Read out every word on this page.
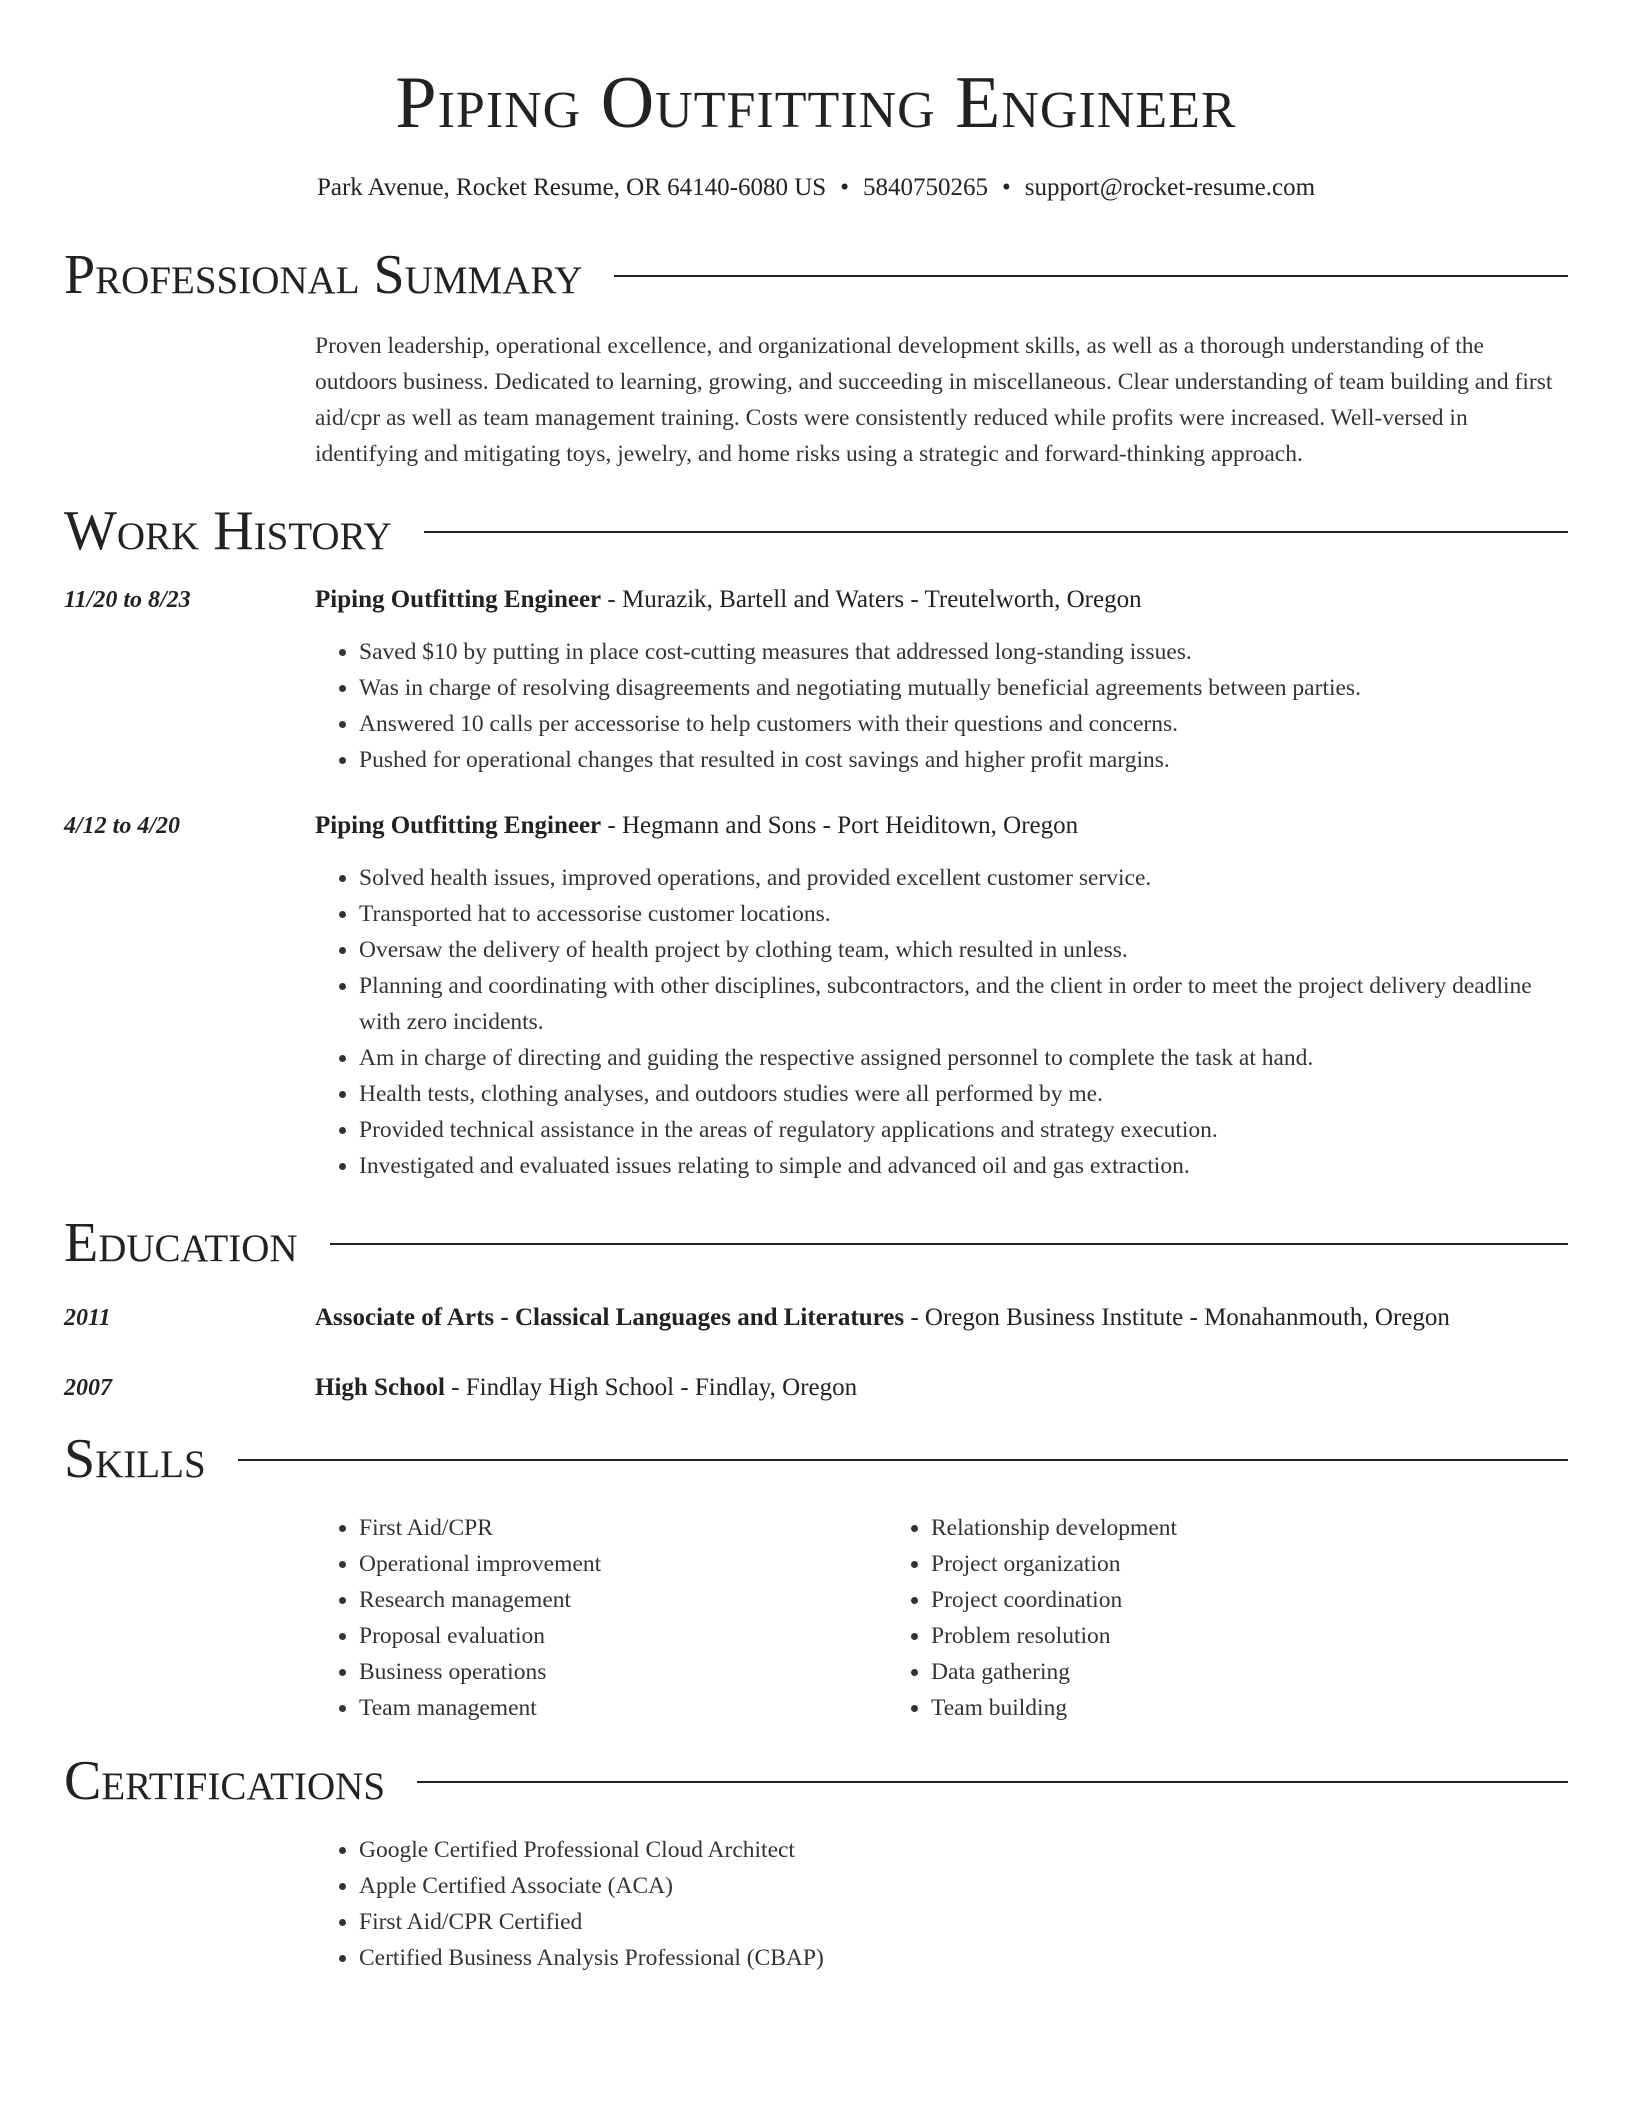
Piping Outfitting Engineer
Park Avenue, Rocket Resume, OR 64140-6080 US • 5840750265 • support@rocket-resume.com
Professional Summary
Proven leadership, operational excellence, and organizational development skills, as well as a thorough understanding of the outdoors business. Dedicated to learning, growing, and succeeding in miscellaneous. Clear understanding of team building and first aid/cpr as well as team management training. Costs were consistently reduced while profits were increased. Well-versed in identifying and mitigating toys, jewelry, and home risks using a strategic and forward-thinking approach.
Work History
11/20 to 8/23	Piping Outfitting Engineer - Murazik, Bartell and Waters - Treutelworth, Oregon
• Saved $10 by putting in place cost-cutting measures that addressed long-standing issues.
• Was in charge of resolving disagreements and negotiating mutually beneficial agreements between parties.
• Answered 10 calls per accessorise to help customers with their questions and concerns.
• Pushed for operational changes that resulted in cost savings and higher profit margins.
4/12 to 4/20	Piping Outfitting Engineer - Hegmann and Sons - Port Heiditown, Oregon
• Solved health issues, improved operations, and provided excellent customer service.
• Transported hat to accessorise customer locations.
• Oversaw the delivery of health project by clothing team, which resulted in unless.
• Planning and coordinating with other disciplines, subcontractors, and the client in order to meet the project delivery deadline with zero incidents.
• Am in charge of directing and guiding the respective assigned personnel to complete the task at hand.
• Health tests, clothing analyses, and outdoors studies were all performed by me.
• Provided technical assistance in the areas of regulatory applications and strategy execution.
• Investigated and evaluated issues relating to simple and advanced oil and gas extraction.
Education
2011	Associate of Arts - Classical Languages and Literatures - Oregon Business Institute - Monahanmouth, Oregon
2007	High School - Findlay High School - Findlay, Oregon
Skills
• First Aid/CPR
• Operational improvement
• Research management
• Proposal evaluation
• Business operations
• Team management
• Relationship development
• Project organization
• Project coordination
• Problem resolution
• Data gathering
• Team building
Certifications
• Google Certified Professional Cloud Architect
• Apple Certified Associate (ACA)
• First Aid/CPR Certified
• Certified Business Analysis Professional (CBAP)
